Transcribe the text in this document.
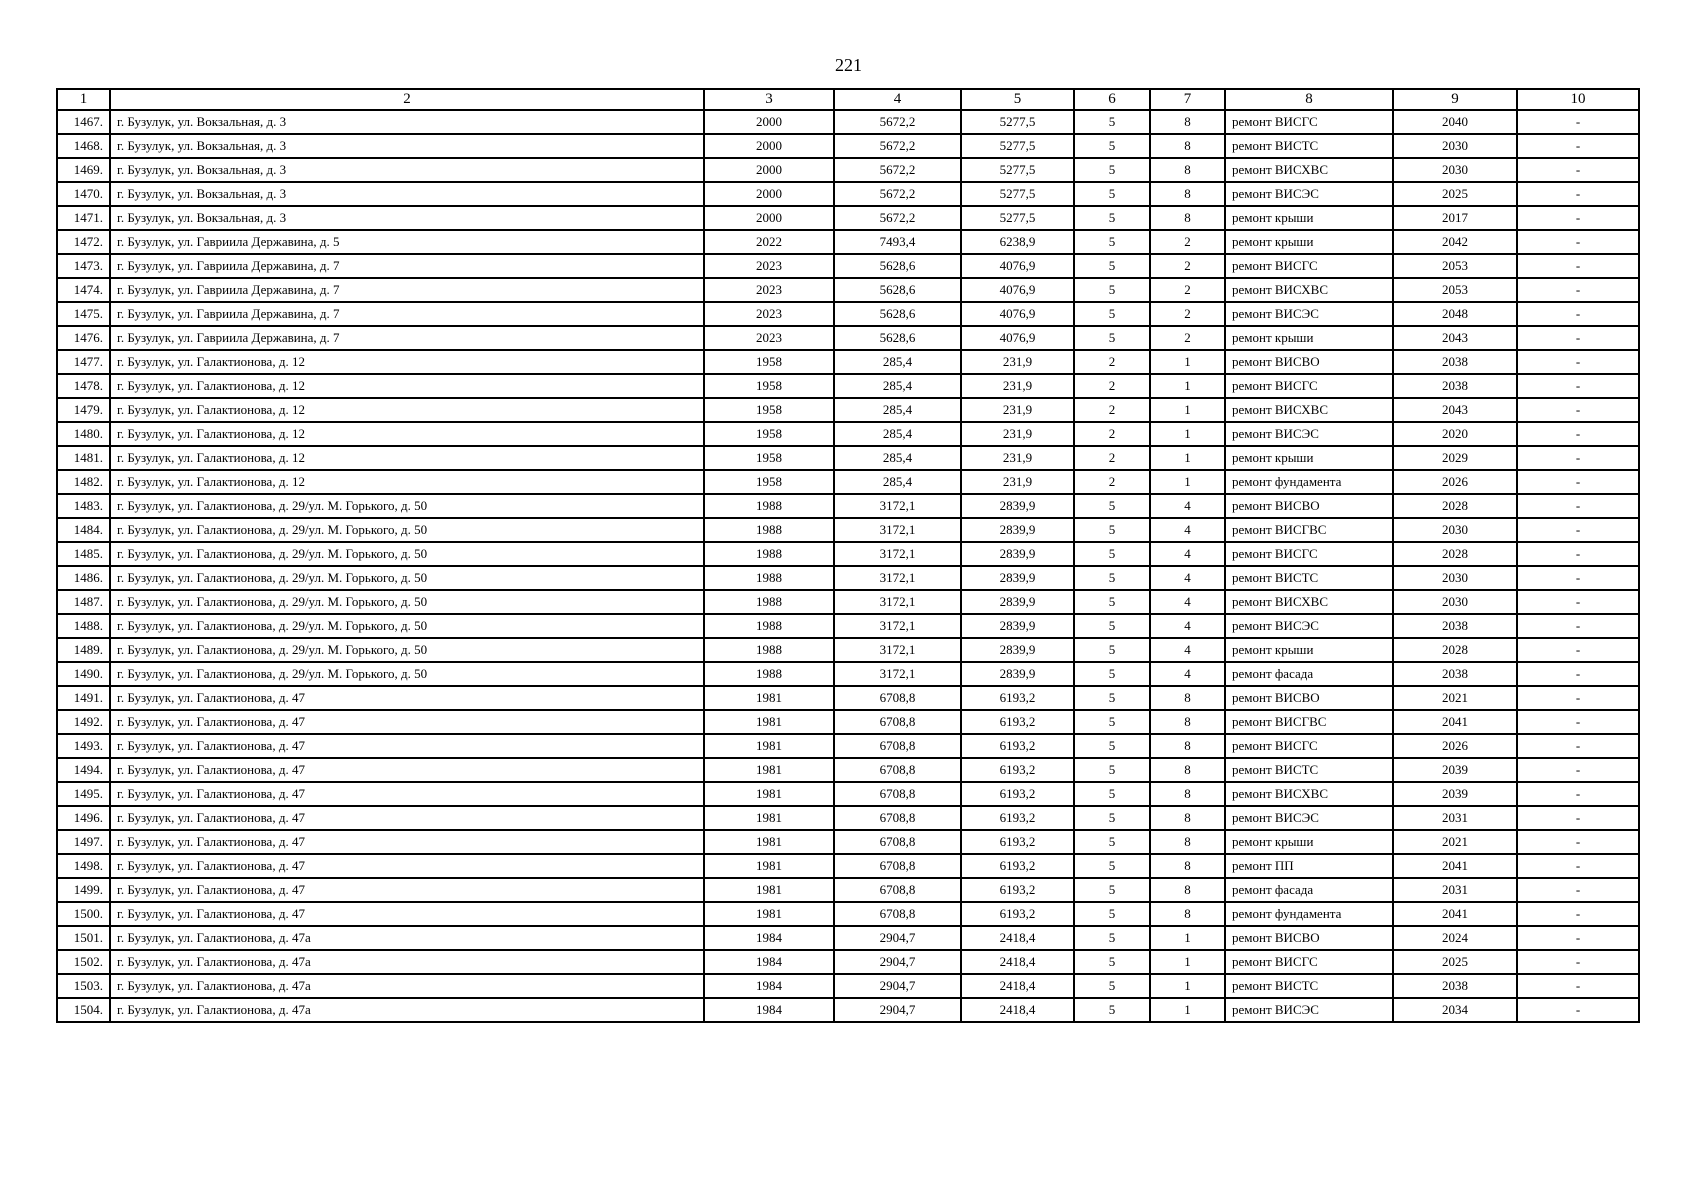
221
1	2	3	4	5	6	7	8	9	10
1467.	г. Бузулук, ул. Вокзальная, д. 3	2000	5672,2	5277,5	5	8	ремонт ВИСГС	2040	-
1468.	г. Бузулук, ул. Вокзальная, д. 3	2000	5672,2	5277,5	5	8	ремонт ВИСТС	2030	-
1469.	г. Бузулук, ул. Вокзальная, д. 3	2000	5672,2	5277,5	5	8	ремонт ВИСХВС	2030	-
1470.	г. Бузулук, ул. Вокзальная, д. 3	2000	5672,2	5277,5	5	8	ремонт ВИСЭС	2025	-
1471.	г. Бузулук, ул. Вокзальная, д. 3	2000	5672,2	5277,5	5	8	ремонт крыши	2017	-
1472.	г. Бузулук, ул. Гавриила Державина, д. 5	2022	7493,4	6238,9	5	2	ремонт крыши	2042	-
1473.	г. Бузулук, ул. Гавриила Державина, д. 7	2023	5628,6	4076,9	5	2	ремонт ВИСГС	2053	-
1474.	г. Бузулук, ул. Гавриила Державина, д. 7	2023	5628,6	4076,9	5	2	ремонт ВИСХВС	2053	-
1475.	г. Бузулук, ул. Гавриила Державина, д. 7	2023	5628,6	4076,9	5	2	ремонт ВИСЭС	2048	-
1476.	г. Бузулук, ул. Гавриила Державина, д. 7	2023	5628,6	4076,9	5	2	ремонт крыши	2043	-
1477.	г. Бузулук, ул. Галактионова, д. 12	1958	285,4	231,9	2	1	ремонт ВИСВО	2038	-
1478.	г. Бузулук, ул. Галактионова, д. 12	1958	285,4	231,9	2	1	ремонт ВИСГС	2038	-
1479.	г. Бузулук, ул. Галактионова, д. 12	1958	285,4	231,9	2	1	ремонт ВИСХВС	2043	-
1480.	г. Бузулук, ул. Галактионова, д. 12	1958	285,4	231,9	2	1	ремонт ВИСЭС	2020	-
1481.	г. Бузулук, ул. Галактионова, д. 12	1958	285,4	231,9	2	1	ремонт крыши	2029	-
1482.	г. Бузулук, ул. Галактионова, д. 12	1958	285,4	231,9	2	1	ремонт фундамента	2026	-
1483.	г. Бузулук, ул. Галактионова, д. 29/ул. М. Горького, д. 50	1988	3172,1	2839,9	5	4	ремонт ВИСВО	2028	-
1484.	г. Бузулук, ул. Галактионова, д. 29/ул. М. Горького, д. 50	1988	3172,1	2839,9	5	4	ремонт ВИСГВС	2030	-
1485.	г. Бузулук, ул. Галактионова, д. 29/ул. М. Горького, д. 50	1988	3172,1	2839,9	5	4	ремонт ВИСГС	2028	-
1486.	г. Бузулук, ул. Галактионова, д. 29/ул. М. Горького, д. 50	1988	3172,1	2839,9	5	4	ремонт ВИСТС	2030	-
1487.	г. Бузулук, ул. Галактионова, д. 29/ул. М. Горького, д. 50	1988	3172,1	2839,9	5	4	ремонт ВИСХВС	2030	-
1488.	г. Бузулук, ул. Галактионова, д. 29/ул. М. Горького, д. 50	1988	3172,1	2839,9	5	4	ремонт ВИСЭС	2038	-
1489.	г. Бузулук, ул. Галактионова, д. 29/ул. М. Горького, д. 50	1988	3172,1	2839,9	5	4	ремонт крыши	2028	-
1490.	г. Бузулук, ул. Галактионова, д. 29/ул. М. Горького, д. 50	1988	3172,1	2839,9	5	4	ремонт фасада	2038	-
1491.	г. Бузулук, ул. Галактионова, д. 47	1981	6708,8	6193,2	5	8	ремонт ВИСВО	2021	-
1492.	г. Бузулук, ул. Галактионова, д. 47	1981	6708,8	6193,2	5	8	ремонт ВИСГВС	2041	-
1493.	г. Бузулук, ул. Галактионова, д. 47	1981	6708,8	6193,2	5	8	ремонт ВИСГС	2026	-
1494.	г. Бузулук, ул. Галактионова, д. 47	1981	6708,8	6193,2	5	8	ремонт ВИСТС	2039	-
1495.	г. Бузулук, ул. Галактионова, д. 47	1981	6708,8	6193,2	5	8	ремонт ВИСХВС	2039	-
1496.	г. Бузулук, ул. Галактионова, д. 47	1981	6708,8	6193,2	5	8	ремонт ВИСЭС	2031	-
1497.	г. Бузулук, ул. Галактионова, д. 47	1981	6708,8	6193,2	5	8	ремонт крыши	2021	-
1498.	г. Бузулук, ул. Галактионова, д. 47	1981	6708,8	6193,2	5	8	ремонт ПП	2041	-
1499.	г. Бузулук, ул. Галактионова, д. 47	1981	6708,8	6193,2	5	8	ремонт фасада	2031	-
1500.	г. Бузулук, ул. Галактионова, д. 47	1981	6708,8	6193,2	5	8	ремонт фундамента	2041	-
1501.	г. Бузулук, ул. Галактионова, д. 47а	1984	2904,7	2418,4	5	1	ремонт ВИСВО	2024	-
1502.	г. Бузулук, ул. Галактионова, д. 47а	1984	2904,7	2418,4	5	1	ремонт ВИСГС	2025	-
1503.	г. Бузулук, ул. Галактионова, д. 47а	1984	2904,7	2418,4	5	1	ремонт ВИСТС	2038	-
1504.	г. Бузулук, ул. Галактионова, д. 47а	1984	2904,7	2418,4	5	1	ремонт ВИСЭС	2034	-
